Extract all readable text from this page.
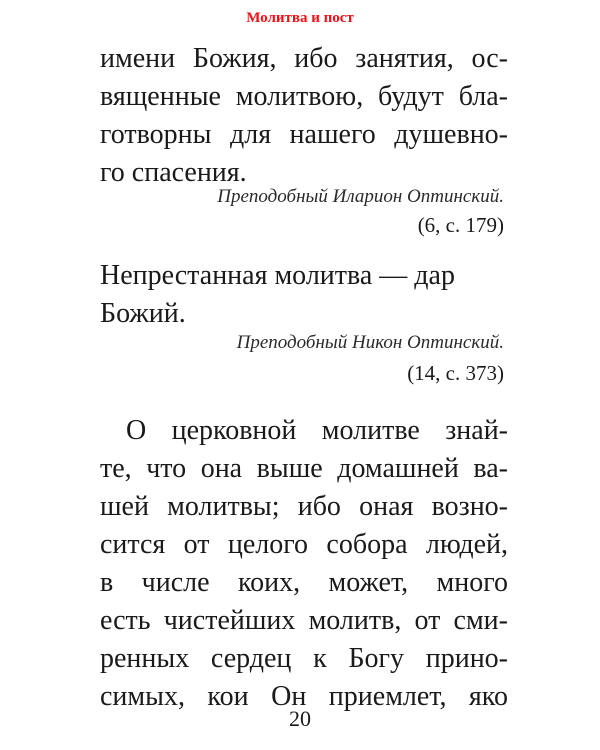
Молитва и пост
имени Божия, ибо занятия, ос-
вященные молитвою, будут бла-
готворны для нашего душевно-
го спасения.
Преподобный Иларион Оптинский.
(6, с. 179)
Непрестанная молитва — дар
Божий.
Преподобный Никон Оптинский.
(14, с. 373)
О церковной молитве знай-
те, что она выше домашней ва-
шей молитвы; ибо оная возно-
сится от целого собора людей,
в числе коих, может, много
есть чистейших молитв, от сми-
ренных сердец к Богу прино-
симых, кои Он приемлет, яко
20
